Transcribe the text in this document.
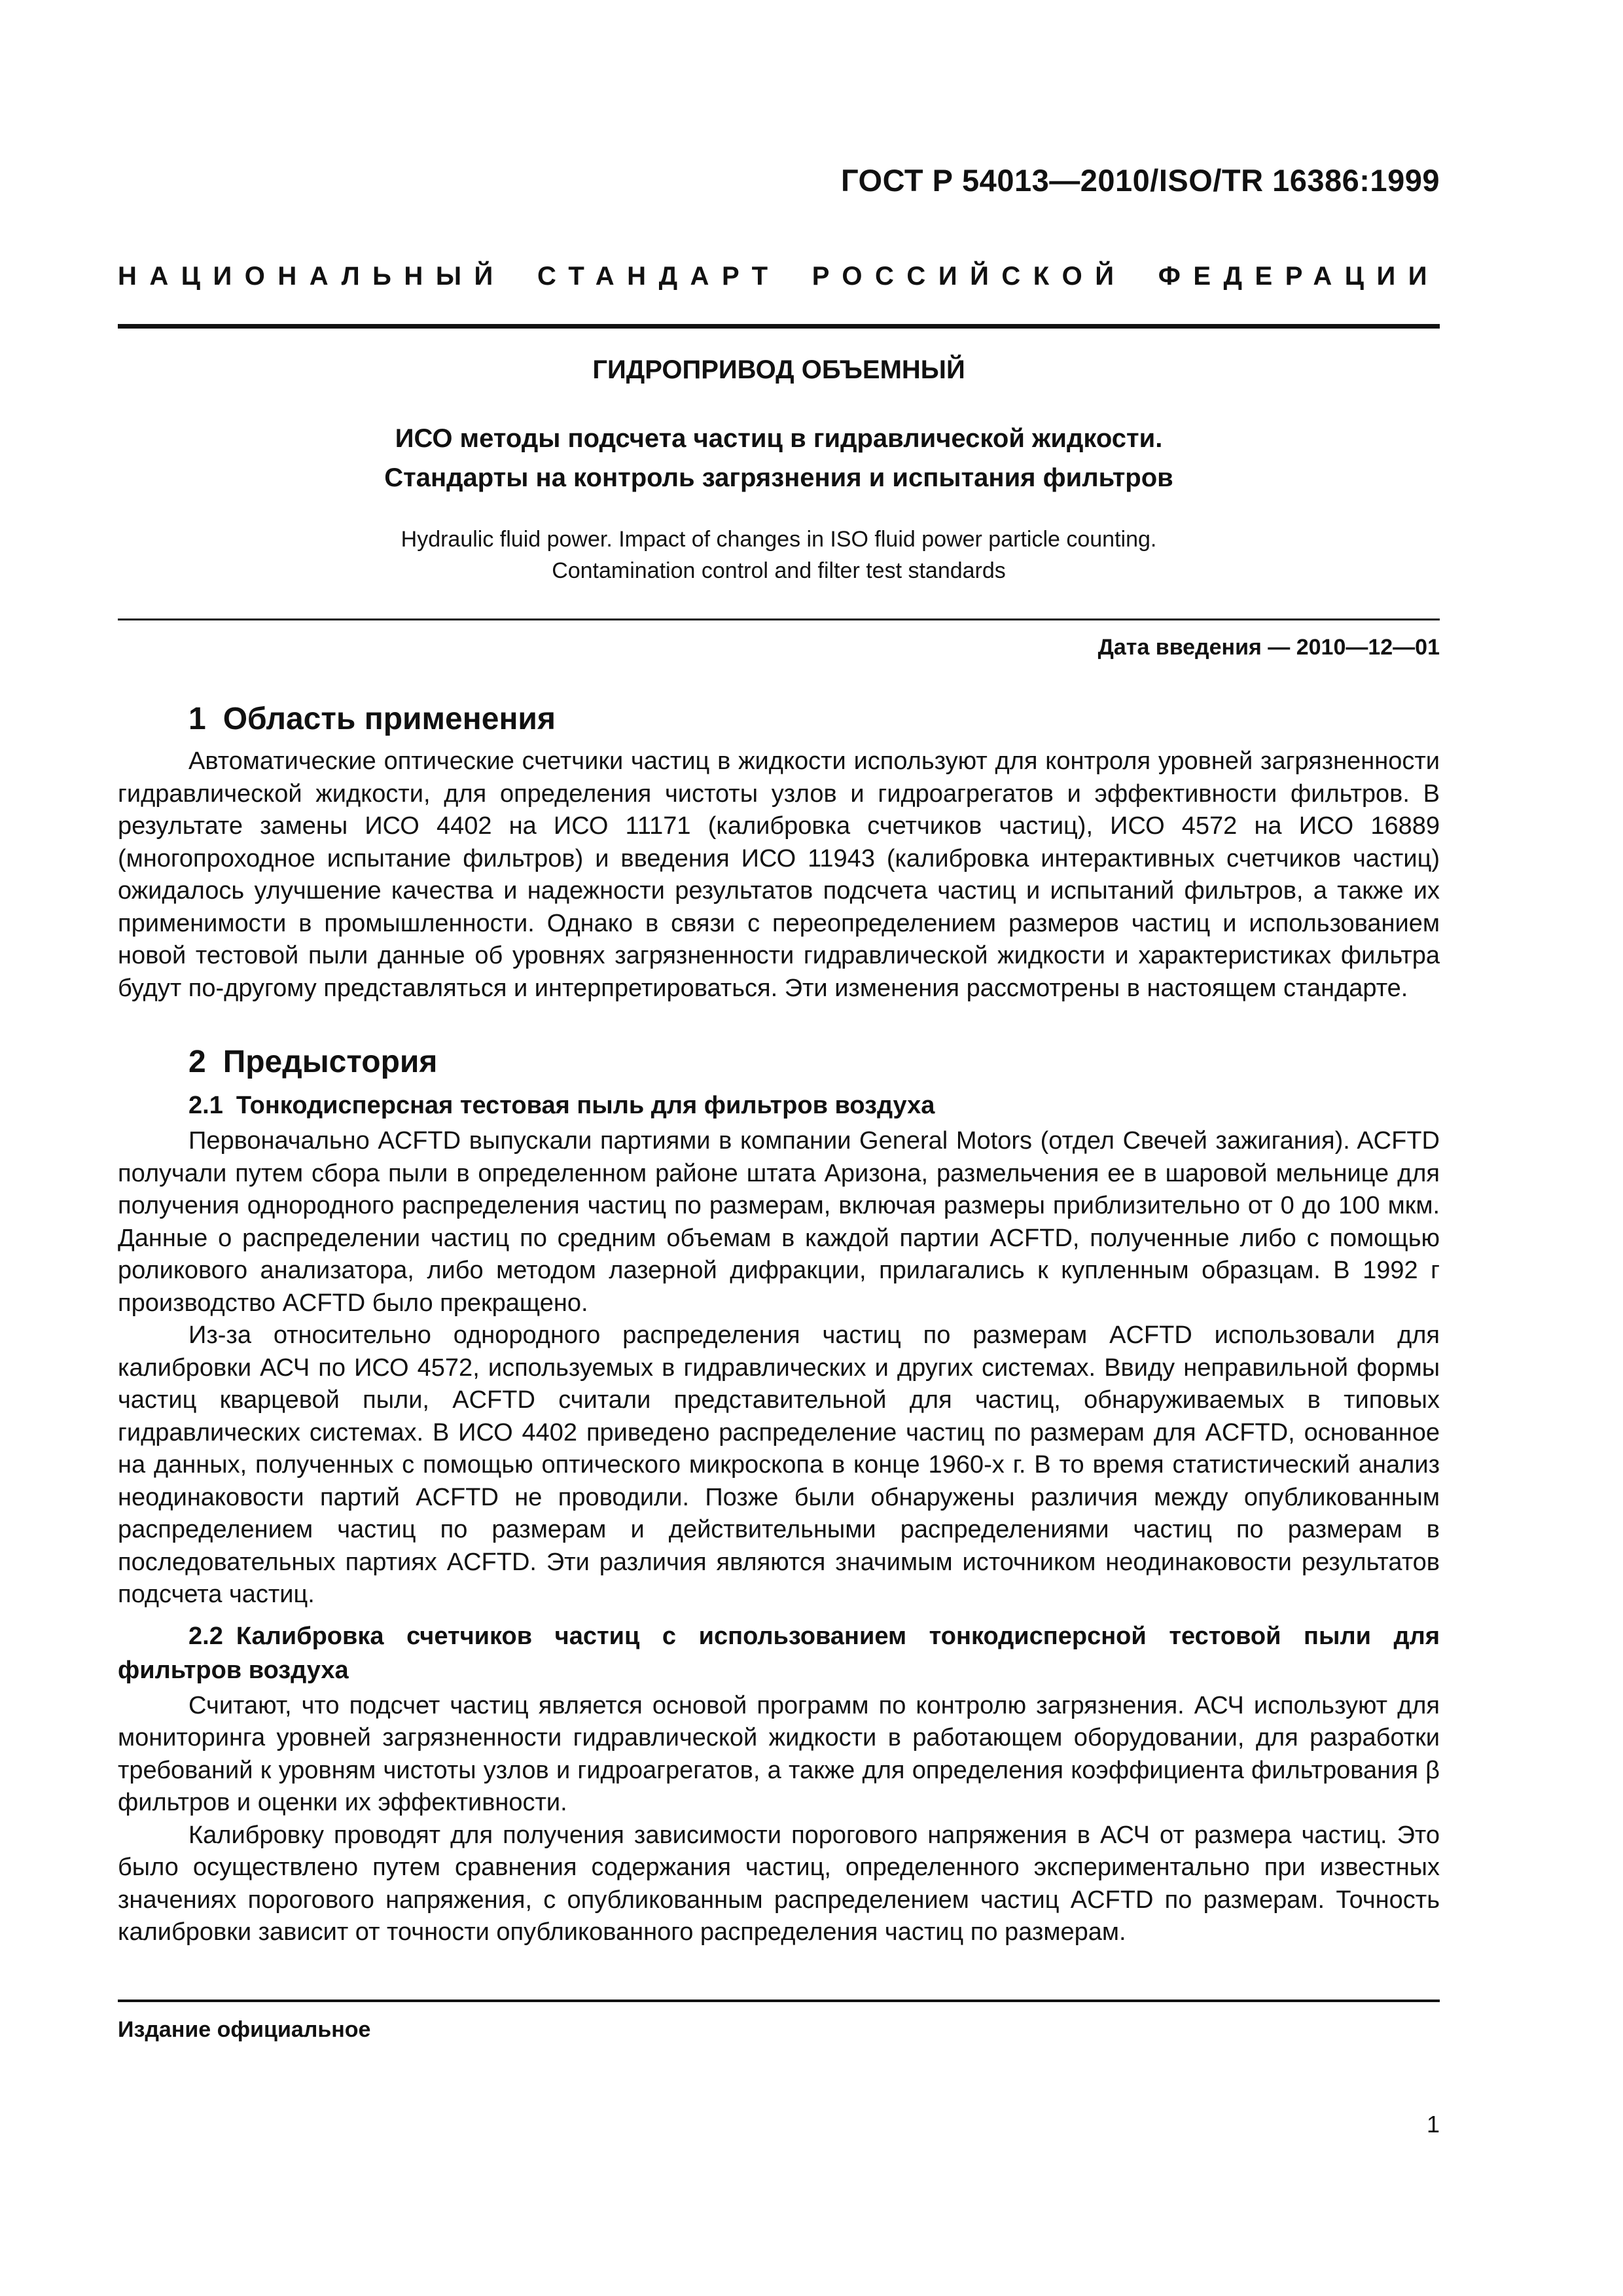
ГОСТ Р 54013—2010/ISO/TR 16386:1999
НАЦИОНАЛЬНЫЙ СТАНДАРТ РОССИЙСКОЙ ФЕДЕРАЦИИ
ГИДРОПРИВОД ОБЪЕМНЫЙ
ИСО методы подсчета частиц в гидравлической жидкости.
Стандарты на контроль загрязнения и испытания фильтров
Hydraulic fluid power. Impact of changes in ISO fluid power particle counting.
Contamination control and filter test standards
Дата введения — 2010—12—01
1 Область применения

Автоматические оптические счетчики частиц в жидкости используют для контроля уровней загрязненности гидравлической жидкости, для определения чистоты узлов и гидроагрегатов и эффективности фильтров. В результате замены ИСО 4402 на ИСО 11171 (калибровка счетчиков частиц), ИСО 4572 на ИСО 16889 (многопроходное испытание фильтров) и введения ИСО 11943 (калибровка интерактивных счетчиков частиц) ожидалось улучшение качества и надежности результатов подсчета частиц и испытаний фильтров, а также их применимости в промышленности. Однако в связи с переопределением размеров частиц и использованием новой тестовой пыли данные об уровнях загрязненности гидравлической жидкости и характеристиках фильтра будут по-другому представляться и интерпретироваться. Эти изменения рассмотрены в настоящем стандарте.

2 Предыстория
2.1 Тонкодисперсная тестовая пыль для фильтров воздуха

Первоначально ACFTD выпускали партиями в компании General Motors (отдел Свечей зажигания). ACFTD получали путем сбора пыли в определенном районе штата Аризона, размельчения ее в шаровой мельнице для получения однородного распределения частиц по размерам, включая размеры приблизительно от 0 до 100 мкм. Данные о распределении частиц по средним объемам в каждой партии ACFTD, полученные либо с помощью роликового анализатора, либо методом лазерной дифракции, прилагались к купленным образцам. В 1992 г производство ACFTD было прекращено.

Из-за относительно однородного распределения частиц по размерам ACFTD использовали для калибровки АСЧ по ИСО 4572, используемых в гидравлических и других системах. Ввиду неправильной формы частиц кварцевой пыли, ACFTD считали представительной для частиц, обнаруживаемых в типовых гидравлических системах. В ИСО 4402 приведено распределение частиц по размерам для ACFTD, основанное на данных, полученных с помощью оптического микроскопа в конце 1960-х г. В то время статистический анализ неодинаковости партий ACFTD не проводили. Позже были обнаружены различия между опубликованным распределением частиц по размерам и действительными распределениями частиц по размерам в последовательных партиях ACFTD. Эти различия являются значимым источником неодинаковости результатов подсчета частиц.

2.2 Калибровка счетчиков частиц с использованием тонкодисперсной тестовой пыли для фильтров воздуха

Считают, что подсчет частиц является основой программ по контролю загрязнения. АСЧ используют для мониторинга уровней загрязненности гидравлической жидкости в работающем оборудовании, для разработки требований к уровням чистоты узлов и гидроагрегатов, а также для определения коэффициента фильтрования β фильтров и оценки их эффективности.

Калибровку проводят для получения зависимости порогового напряжения в АСЧ от размера частиц. Это было осуществлено путем сравнения содержания частиц, определенного экспериментально при известных значениях порогового напряжения, с опубликованным распределением частиц ACFTD по размерам. Точность калибровки зависит от точности опубликованного распределения частиц по размерам.

Издание официальное
1
